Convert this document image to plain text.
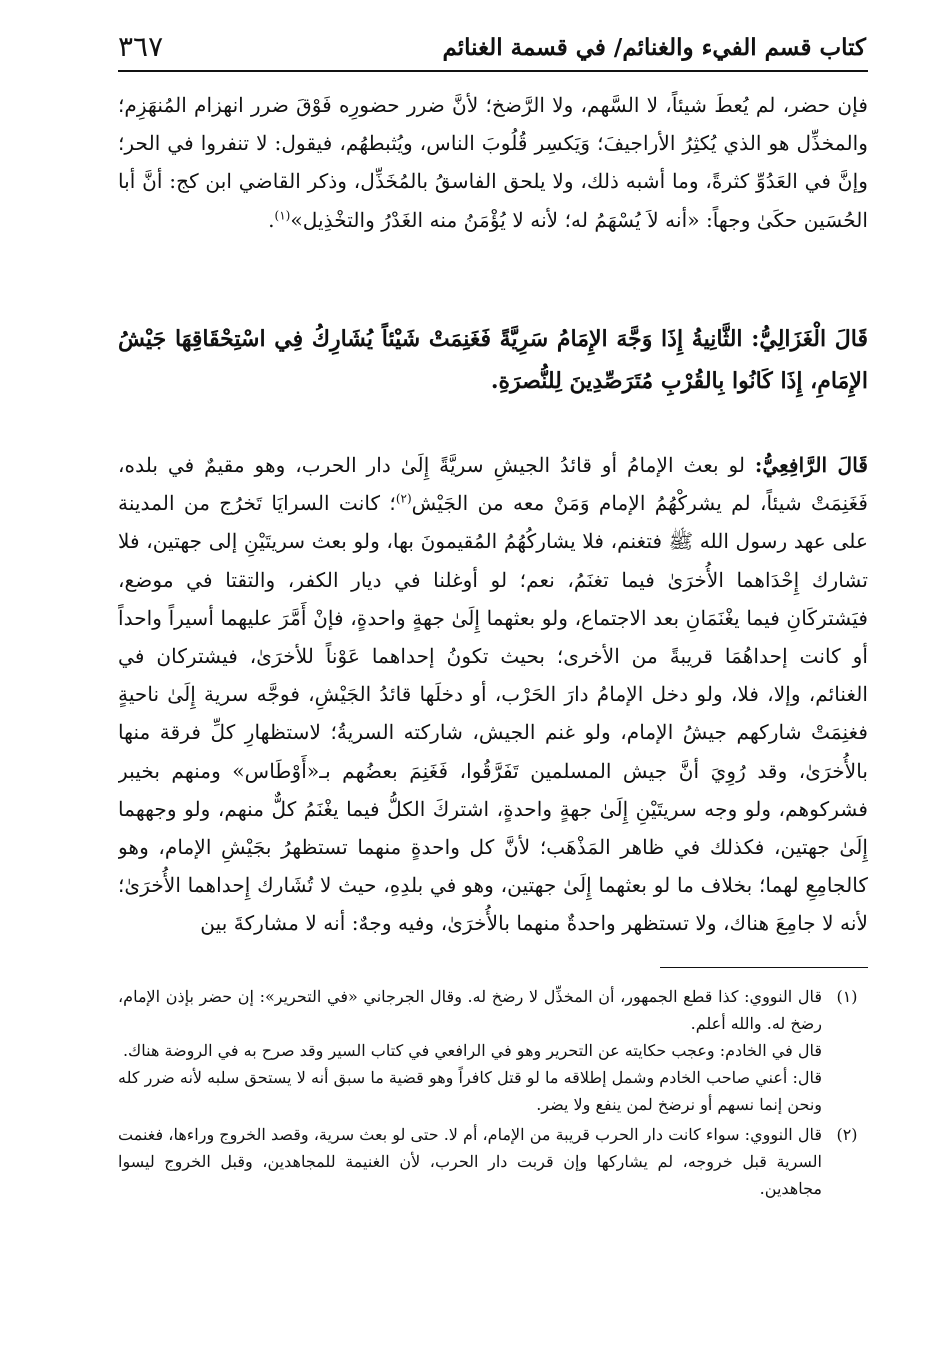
٣٦٧	كتاب قسم الفيء والغنائم/ في قسمة الغنائم

فإن حضر، لم يُعطَ شيئاً، لا السَّهم، ولا الرَّضخ؛ لأنَّ ضرر حضورِه فَوْقَ ضرر انهزام المُنهَزِم؛ والمخذِّل هو الذي يُكثِرُ الأراجيفَ؛ وَيَكسِر قُلُوبَ الناس، ويُثبطهُم، فيقول: لا تنفروا في الحر؛ وإنَّ في العَدُوِّ كثرةً، وما أشبه ذلك، ولا يلحق الفاسقُ بالمُخَذِّل، وذكر القاضي ابن كج: أنَّ أبا الحُسَين حكَىٰ وجهاً: «أنه لاَ يُسْهَمُ له؛ لأنه لا يُؤْمَنُ منه الغَدْرُ والتخْذِيل»$^{(١)}$.

قَالَ الْغَزَالِيُّ: الثَّانِيةُ إِذَا وَجَّهَ الإِمَامُ سَرِيَّةً فَغَنِمَتْ شَيْئاً يُشَارِكُ فِي اسْتِحْقَاقِهَا جَيْشُ الإِمَامِ، إِذَا كَانُوا بِالقُرْبِ مُتَرَصِّدِينَ لِلنُّصرَةِ.

قَالَ الرَّافِعِيُّ: لو بعث الإمامُ أو قائدُ الجيشِ سريَّةً إِلَىٰ دار الحرب، وهو مقيمٌ في بلده، فَغَنِمَتْ شيئاً، لم يشركْهُمُ الإمام وَمَنْ معه من الجَيْش$^{(٢)}$؛ كانت السرايَا تَخرُج من المدينة على عهد رسول الله ﷺ فتغنم، فلا يشاركُهُمُ المُقيمونَ بها، ولو بعث سريتَيْنِ إلى جهتين، فلا تشارك إِحْدَاهما الأُخرَىٰ فيما تغنَمُ، نعم؛ لو أوغلنا في ديار الكفر، والتقتا في موضع، فيَشتركَانِ فيما يغْنَمَانِ بعد الاجتماع، ولو بعثهما إِلَىٰ جهةٍ واحدةٍ، فإنْ أَمَّرَ عليهما أسيراً واحداً أو كانت إحداهُمَا قريبةً من الأخرى؛ بحيث تكونُ إحداهما عَوْناً للأخرَىٰ، فيشتركان في الغنائم، وإلا، فلا، ولو دخل الإمامُ دارَ الحَرْب، أو دخلَها قائدُ الجَيْشِ، فوجَّه سرية إِلَىٰ ناحيةٍ فغنِمَتْ شاركهم جيشُ الإمام، ولو غنم الجيش، شاركته السريةُ؛ لاستظهارِ كلِّ فرقة منها بالأُخرَىٰ، وقد رُوِيَ أنَّ جيش المسلمين تَفَرَّقُوا، فَغَنِمَ بعضُهم بـ«أَوْطَاس» ومنهم بخيبر فشركوهم، ولو وجه سريتَيْنِ إِلَىٰ جهةٍ واحدةٍ، اشتركَ الكلُّ فيما يغْنَمُ كلٌّ منهم، ولو وجههما إِلَىٰ جهتين، فكذلك في ظاهر المَذْهَب؛ لأنَّ كل واحدةٍ منهما تستظهرُ بجَيْشِ الإمام، وهو كالجامِعِ لهما؛ بخلاف ما لو بعثهما إِلَىٰ جهتين، وهو في بلدِهِ، حيث لا تُشَارك إِحداهما الأُخرَىٰ؛ لأنه لا جامِعَ هناك، ولا تستظهر واحدةٌ منهما بالأُخرَىٰ، وفيه وجهٌ: أنه لا مشاركةَ بين

(١)
قال النووي: كذا قطع الجمهور، أن المخذِّل لا رضخ له. وقال الجرجاني «في التحرير»: إن حضر بإذن الإمام، رضخ له. والله أعلم.
قال في الخادم: وعجب حكايته عن التحرير وهو في الرافعي في كتاب السير وقد صرح به في الروضة هناك.
قال: أعني صاحب الخادم وشمل إطلاقه ما لو قتل كافراً وهو قضية ما سبق أنه لا يستحق سلبه لأنه ضرر كله ونحن إنما نسهم أو نرضخ لمن ينفع ولا يضر.
(٢)
قال النووي: سواء كانت دار الحرب قريبة من الإمام، أم لا. حتى لو بعث سرية، وقصد الخروج وراءها، فغنمت السرية قبل خروجه، لم يشاركها وإن قربت دار الحرب، لأن الغنيمة للمجاهدين، وقبل الخروج ليسوا مجاهدين.
